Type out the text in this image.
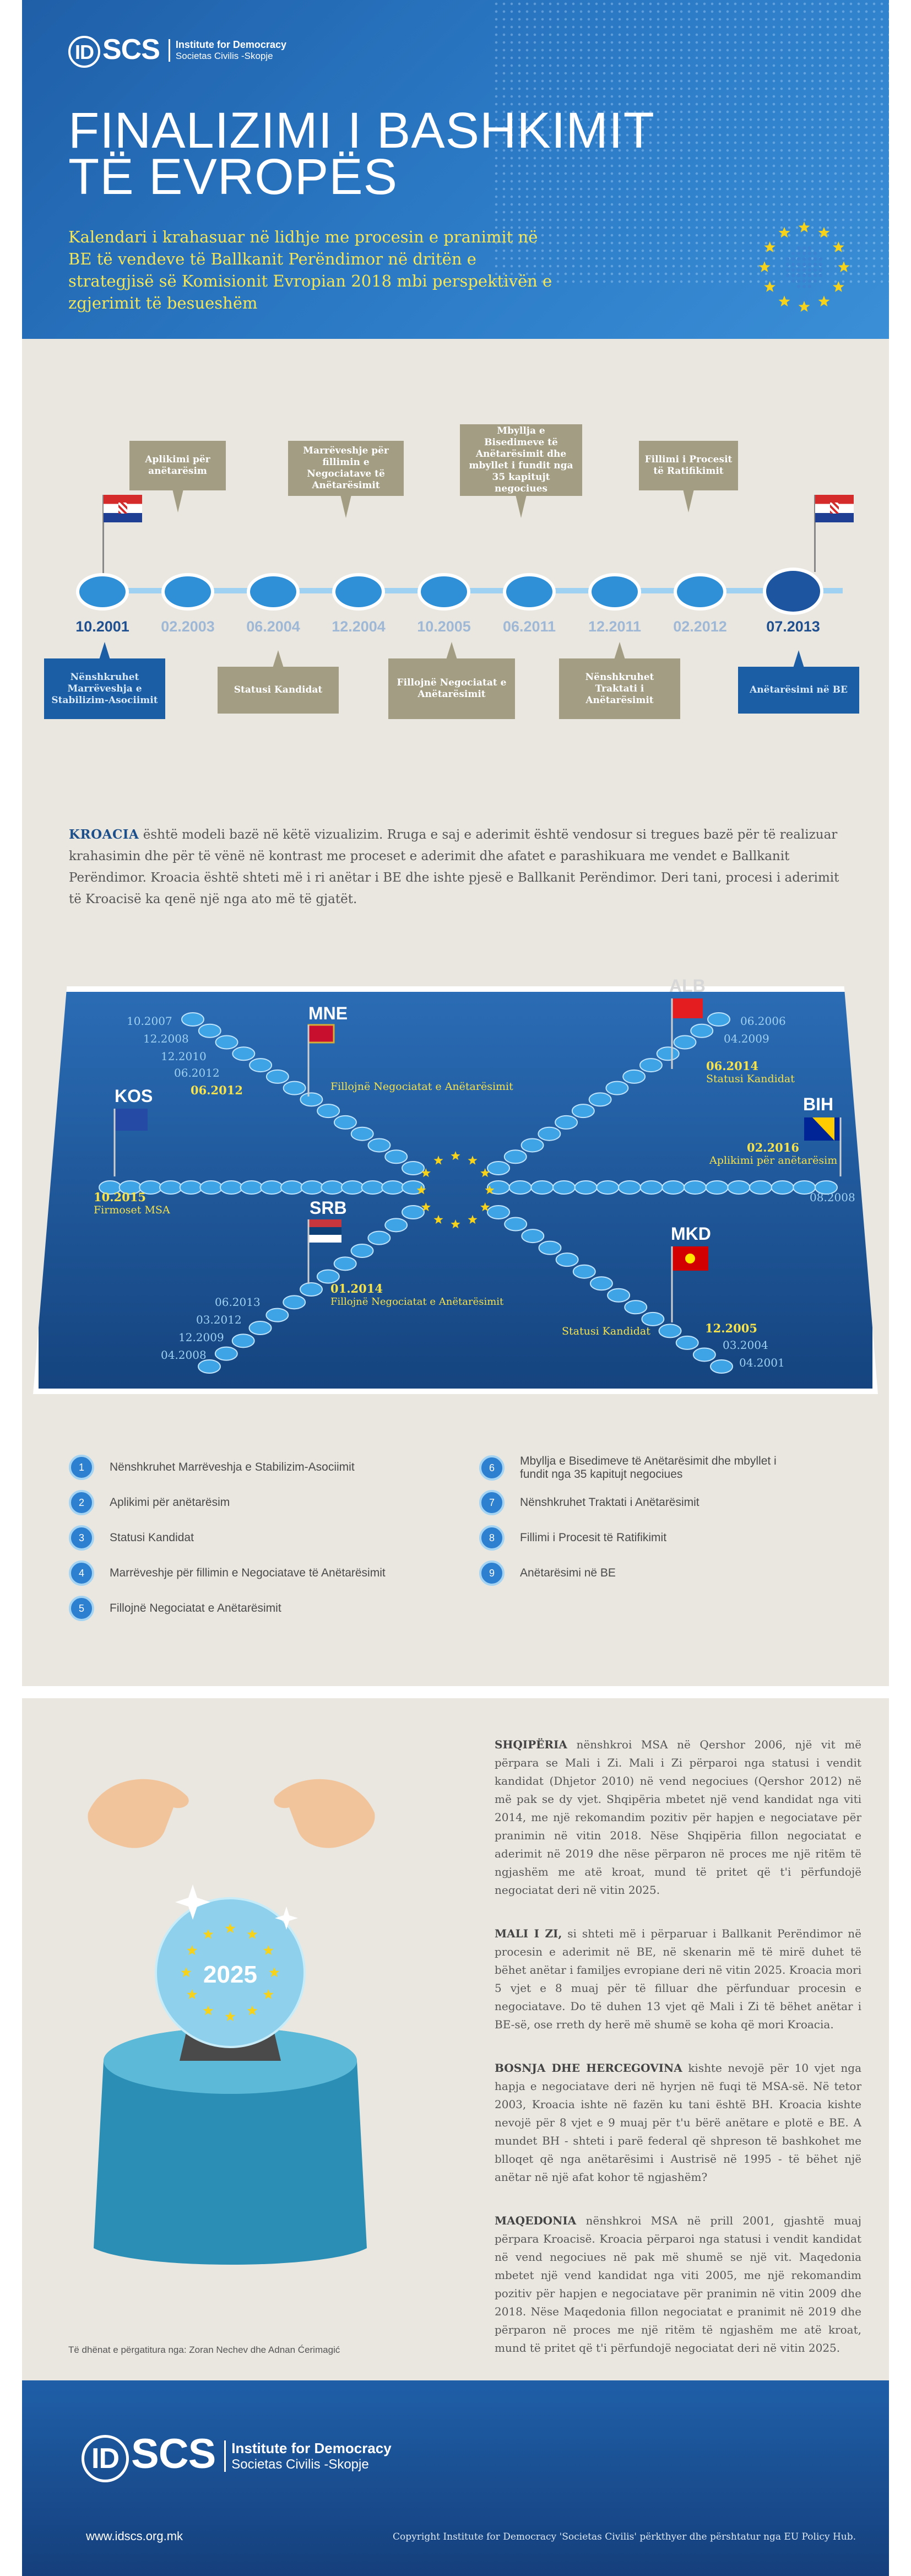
ID SCS Institute for Democracy
Societas Civilis -Skopje
FINALIZIMI I BASHKIMIT
TË EVROPËS
Kalendari i krahasuar në lidhje me procesin e pranimit në BE të vendeve të Ballkanit Perëndimor në dritën e strategjisë së Komisionit Evropian 2018 mbi perspektivën e zgjerimit të besueshëm
10.2001	02.2003	06.2004	12.2004	10.2005	06.2011	12.2011	02.2012	07.2013
Aplikimi për anëtarësim
Marrëveshje për fillimin e Negociatave të Anëtarësimit
Mbyllja e Bisedimeve të Anëtarësimit dhe mbyllet i fundit nga 35 kapitujt negociues
Fillimi i Procesit të Ratifikimit
Nënshkruhet Marrëveshja e Stabilizim-Asociimit
Statusi Kandidat
Fillojnë Negociatat e Anëtarësimit
Nënshkruhet Traktati i Anëtarësimit
Anëtarësimi në BE
KROACIA është modeli bazë në këtë vizualizim. Rruga e saj e aderimit është vendosur si tregues bazë për të realizuar krahasimin dhe për të vënë në kontrast me proceset e aderimit dhe afatet e parashikuara me vendet e Ballkanit Perëndimor. Kroacia është shteti më i ri anëtar i BE dhe ishte pjesë e Ballkanit Perëndimor. Deri tani, procesi i aderimit të Kroacisë ka qenë një nga ato më të gjatët.
MNE
ALB
KOS	BIH
SRB
MKD
10.2007
12.2008
12.2010
06.2012
06.2012	Fillojnë Negociatat e Anëtarësimit
06.2006
04.2009
06.2014
Statusi Kandidat
10.2015
Firmoset MSA
02.2016
Aplikimi për anëtarësim
08.2008
06.2013
03.2012
12.2009
04.2008
01.2014
Fillojnë Negociatat e Anëtarësimit
12.2005
Statusi Kandidat
03.2004
04.2001
1	Nënshkruhet Marrëveshja e Stabilizim-Asociimit
2	Aplikimi për anëtarësim
3	Statusi Kandidat
4	Marrëveshje për fillimin e Negociatave të Anëtarësimit
5	Fillojnë Negociatat e Anëtarësimit
6
Mbyllja e Bisedimeve të Anëtarësimit dhe mbyllet i fundit nga 35 kapitujt negociues
7	Nënshkruhet Traktati i Anëtarësimit
8	Fillimi i Procesit të Ratifikimit
9	Anëtarësimi në BE
2025

SHQIPËRIA nënshkroi MSA në Qershor 2006, një vit më përpara se Mali i Zi. Mali i Zi përparoi nga statusi i vendit kandidat (Dhjetor 2010) në vend negociues (Qershor 2012) në më pak se dy vjet. Shqipëria mbetet një vend kandidat nga viti 2014, me një rekomandim pozitiv për hapjen e negociatave për pranimin në vitin 2018. Nëse Shqipëria fillon negociatat e aderimit në 2019 dhe nëse përparon në proces me një ritëm të ngjashëm me atë kroat, mund të pritet që t'i përfundojë negociatat deri në vitin 2025.

MALI I ZI, si shteti më i përparuar i Ballkanit Perëndimor në procesin e aderimit në BE, në skenarin më të mirë duhet të bëhet anëtar i familjes evropiane deri në vitin 2025. Kroacia mori 5 vjet e 8 muaj për të filluar dhe përfunduar procesin e negociatave. Do të duhen 13 vjet që Mali i Zi të bëhet anëtar i BE-së, ose rreth dy herë më shumë se koha që mori Kroacia.

BOSNJA DHE HERCEGOVINA kishte nevojë për 10 vjet nga hapja e negociatave deri në hyrjen në fuqi të MSA-së. Në tetor 2003, Kroacia ishte në fazën ku tani është BH. Kroacia kishte nevojë për 8 vjet e 9 muaj për t'u bërë anëtare e plotë e BE. A mundet BH - shteti i parë federal që shpreson të bashkohet me blloqet që nga anëtarësimi i Austrisë në 1995 - të bëhet një anëtar në një afat kohor të ngjashëm?

MAQEDONIA nënshkroi MSA në prill 2001, gjashtë muaj përpara Kroacisë. Kroacia përparoi nga statusi i vendit kandidat në vend negociues në pak më shumë se një vit. Maqedonia mbetet një vend kandidat nga viti 2005, me një rekomandim pozitiv për hapjen e negociatave për pranimin në vitin 2009 dhe 2018. Nëse Maqedonia fillon negociatat e pranimit në 2019 dhe përparon në proces me një ritëm të ngjashëm me atë kroat, mund të pritet që t'i përfundojë negociatat deri në vitin 2025.

Të dhënat e përgatitura nga: Zoran Nechev dhe Adnan Ćerimagić
ID SCS Institute for Democracy
Societas Civilis -Skopje
www.idscs.org.mk	Copyright Institute for Democracy 'Societas Civilis' përkthyer dhe përshtatur nga EU Policy Hub.
